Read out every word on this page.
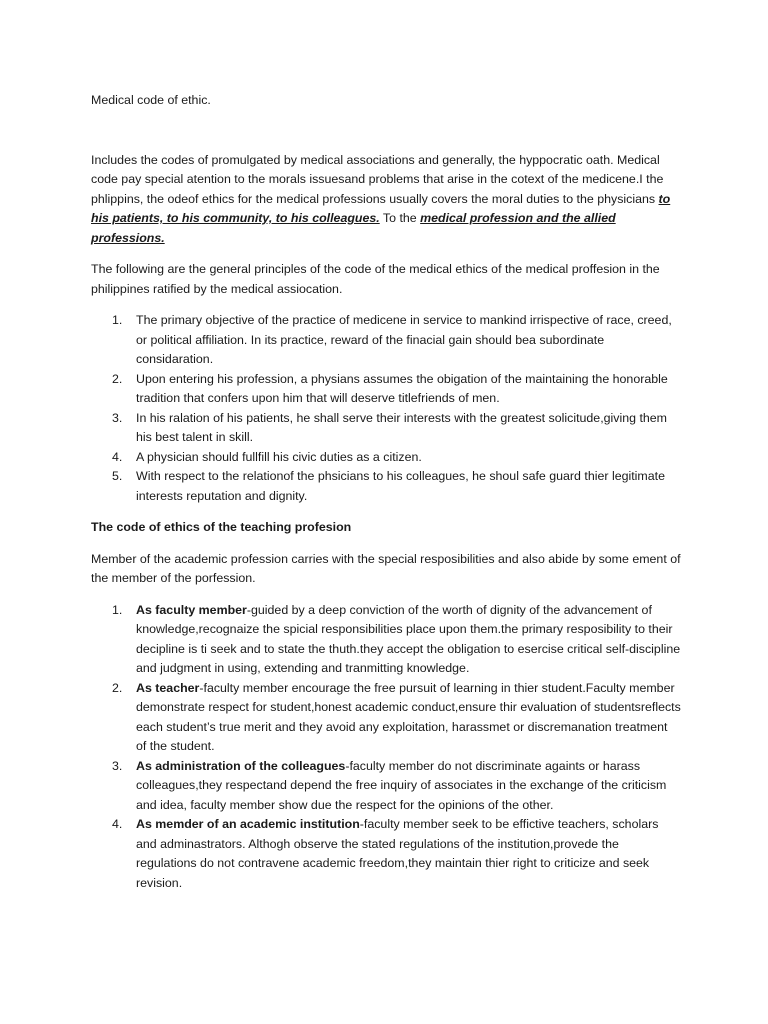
Medical code of ethic.

Includes the codes of promulgated by medical associations and generally, the hyppocratic oath. Medical code pay special atention to the morals issuesand problems that arise in the cotext of the medicene.I the phlippins, the odeof ethics for the medical professions usually covers the moral duties to the physicians to his patients, to his community, to his colleagues. To the medical profession and the allied professions.

The following are the general principles of the code of the medical ethics of the medical proffesion in the philippines ratified by the medical assiocation.

1. The primary objective of the practice of medicene in service to mankind irrispective of race, creed, or political affiliation. In its practice, reward of the finacial gain should bea subordinate considaration.
2. Upon entering his profession, a physians assumes the obigation of the maintaining the honorable tradition that confers upon him that will deserve titlefriends of men.
3. In his ralation of his patients, he shall serve their interests with the greatest solicitude,giving them his best talent in skill.
4. A physician should fullfill his civic duties as a citizen.
5. With respect to the relationof the phsicians to his colleagues, he shoul safe guard thier legitimate interests reputation and dignity.

The code of ethics of the teaching profesion

Member of the academic profession carries with the special resposibilities and also abide by some ement of the member of the porfession.

1. As faculty member-guided by a deep conviction of the worth of dignity of the advancement of knowledge,recognaize the spicial responsibilities place upon them.the primary resposibility to their decipline is ti seek and to state the thuth.they accept the obligation to esercise critical self-discipline and judgment in using, extending and tranmitting knowledge.
2. As teacher-faculty member encourage the free pursuit of learning in thier student.Faculty member demonstrate respect for student,honest academic conduct,ensure thir evaluation of studentsreflects each student’s true merit and they avoid any exploitation, harassmet or discremanation treatment of the student.
3. As administration of the colleagues-faculty member do not discriminate againts or harass colleagues,they respectand depend the free inquiry of associates in the exchange of the criticism and idea, faculty member show due the respect for the opinions of the other.
4. As memder of an academic institution-faculty member seek to be effictive teachers, scholars and adminastrators. Althogh observe the stated regulations of the institution,provede the regulations do not contravene academic freedom,they maintain thier right to criticize and seek revision.
